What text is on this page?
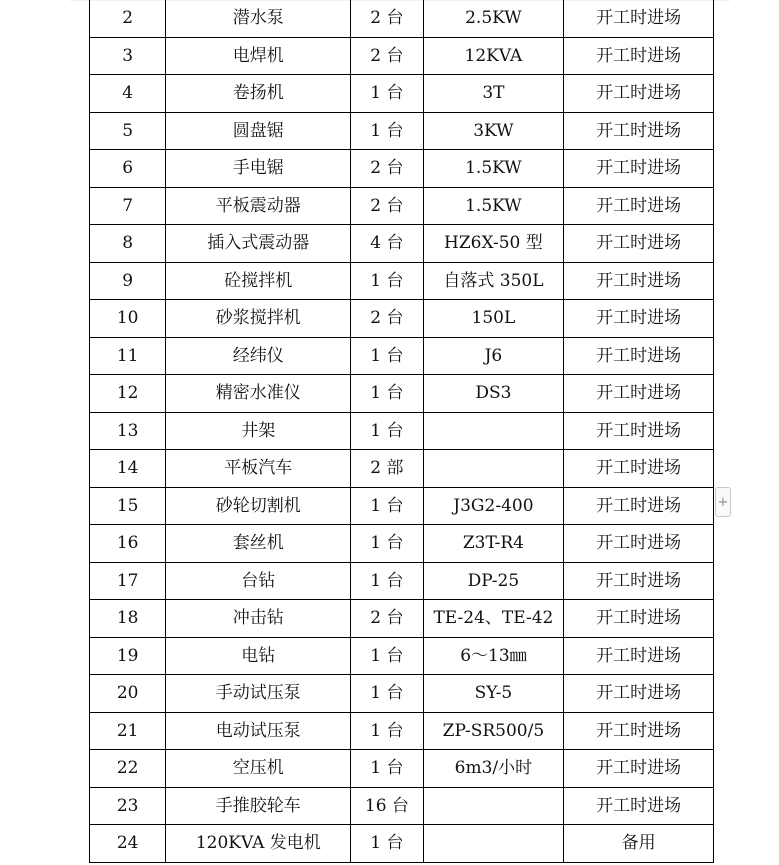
2	潜水泵	2 台	2.5KW	开工时进场
3	电焊机	2 台	12KVA	开工时进场
4	卷扬机	1 台	3T	开工时进场
5	圆盘锯	1 台	3KW	开工时进场
6	手电锯	2 台	1.5KW	开工时进场
7	平板震动器	2 台	1.5KW	开工时进场
8	插入式震动器	4 台	HZ6X-50 型	开工时进场
9	砼搅拌机	1 台	自落式 350L	开工时进场
10	砂浆搅拌机	2 台	150L	开工时进场
11	经纬仪	1 台	J6	开工时进场
12	精密水准仪	1 台	DS3	开工时进场
13	井架	1 台		开工时进场
14	平板汽车	2 部		开工时进场
15	砂轮切割机	1 台	J3G2-400	开工时进场
16	套丝机	1 台	Z3T-R4	开工时进场
17	台钻	1 台	DP-25	开工时进场
18	冲击钻	2 台	TE-24、TE-42	开工时进场
19	电钻	1 台	6～13㎜	开工时进场
20	手动试压泵	1 台	SY-5	开工时进场
21	电动试压泵	1 台	ZP-SR500/5	开工时进场
22	空压机	1 台	6m3/小时	开工时进场
23	手推胶轮车	16 台		开工时进场
24	120KVA 发电机	1 台		备用
+
